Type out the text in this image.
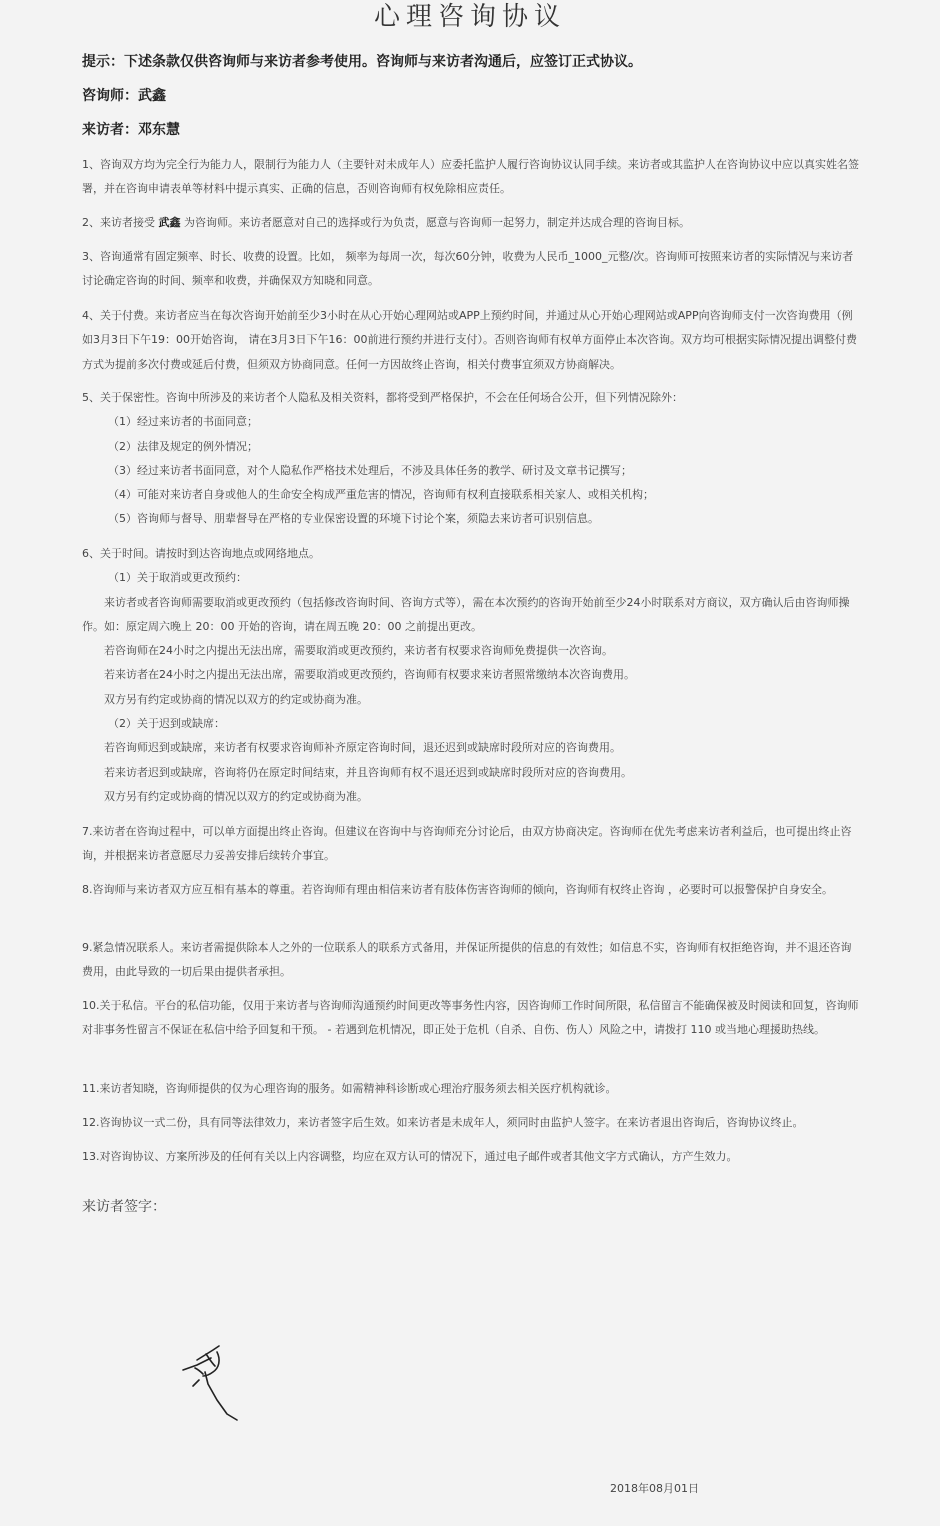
心理咨询协议
提示：下述条款仅供咨询师与来访者参考使用。咨询师与来访者沟通后，应签订正式协议。
咨询师：武鑫
来访者：邓东慧
1、咨询双方均为完全行为能力人，限制行为能力人（主要针对未成年人）应委托监护人履行咨询协议认同手续。来访者或其监护人在咨询协议中应以真实姓名签署，并在咨询申请表单等材料中提示真实、正确的信息，否则咨询师有权免除相应责任。
2、来访者接受 武鑫 为咨询师。来访者愿意对自己的选择或行为负责，愿意与咨询师一起努力，制定并达成合理的咨询目标。
3、咨询通常有固定频率、时长、收费的设置。比如， 频率为每周一次，每次60分钟，收费为人民币_1000_元整/次。咨询师可按照来访者的实际情况与来访者讨论确定咨询的时间、频率和收费，并确保双方知晓和同意。
4、关于付费。来访者应当在每次咨询开始前至少3小时在从心开始心理网站或APP上预约时间，并通过从心开始心理网站或APP向咨询师支付一次咨询费用（例如3月3日下午19：00开始咨询， 请在3月3日下午16：00前进行预约并进行支付）。否则咨询师有权单方面停止本次咨询。双方均可根据实际情况提出调整付费方式为提前多次付费或延后付费，但须双方协商同意。任何一方因故终止咨询，相关付费事宜须双方协商解决。
5、关于保密性。咨询中所涉及的来访者个人隐私及相关资料，都将受到严格保护，不会在任何场合公开，但下列情况除外：
（1）经过来访者的书面同意；
（2）法律及规定的例外情况；
（3）经过来访者书面同意，对个人隐私作严格技术处理后，不涉及具体任务的教学、研讨及文章书记撰写；
（4）可能对来访者自身或他人的生命安全构成严重危害的情况，咨询师有权利直接联系相关家人、或相关机构；
（5）咨询师与督导、朋辈督导在严格的专业保密设置的环境下讨论个案，须隐去来访者可识别信息。
6、关于时间。请按时到达咨询地点或网络地点。
（1）关于取消或更改预约：
来访者或者咨询师需要取消或更改预约（包括修改咨询时间、咨询方式等），需在本次预约的咨询开始前至少24小时联系对方商议，双方确认后由咨询师操作。如：原定周六晚上 20：00 开始的咨询，请在周五晚 20：00 之前提出更改。
若咨询师在24小时之内提出无法出席，需要取消或更改预约，来访者有权要求咨询师免费提供一次咨询。
若来访者在24小时之内提出无法出席，需要取消或更改预约，咨询师有权要求来访者照常缴纳本次咨询费用。
双方另有约定或协商的情况以双方的约定或协商为准。
（2）关于迟到或缺席：
若咨询师迟到或缺席，来访者有权要求咨询师补齐原定咨询时间，退还迟到或缺席时段所对应的咨询费用。
若来访者迟到或缺席，咨询将仍在原定时间结束，并且咨询师有权不退还迟到或缺席时段所对应的咨询费用。
双方另有约定或协商的情况以双方的约定或协商为准。
7.来访者在咨询过程中，可以单方面提出终止咨询。但建议在咨询中与咨询师充分讨论后，由双方协商决定。咨询师在优先考虑来访者利益后，也可提出终止咨询，并根据来访者意愿尽力妥善安排后续转介事宜。
8.咨询师与来访者双方应互相有基本的尊重。若咨询师有理由相信来访者有肢体伤害咨询师的倾向，咨询师有权终止咨询 ，必要时可以报警保护自身安全。
9.紧急情况联系人。来访者需提供除本人之外的一位联系人的联系方式备用，并保证所提供的信息的有效性；如信息不实，咨询师有权拒绝咨询，并不退还咨询费用，由此导致的一切后果由提供者承担。
10.关于私信。平台的私信功能，仅用于来访者与咨询师沟通预约时间更改等事务性内容，因咨询师工作时间所限，私信留言不能确保被及时阅读和回复，咨询师对非事务性留言不保证在私信中给予回复和干预。 - 若遇到危机情况，即正处于危机（自杀、自伤、伤人）风险之中，请拨打 110 或当地心理援助热线。
11.来访者知晓，咨询师提供的仅为心理咨询的服务。如需精神科诊断或心理治疗服务须去相关医疗机构就诊。
12.咨询协议一式二份，具有同等法律效力，来访者签字后生效。如来访者是未成年人，须同时由监护人签字。在来访者退出咨询后，咨询协议终止。
13.对咨询协议、方案所涉及的任何有关以上内容调整，均应在双方认可的情况下，通过电子邮件或者其他文字方式确认，方产生效力。
来访者签字：
2018年08月01日
